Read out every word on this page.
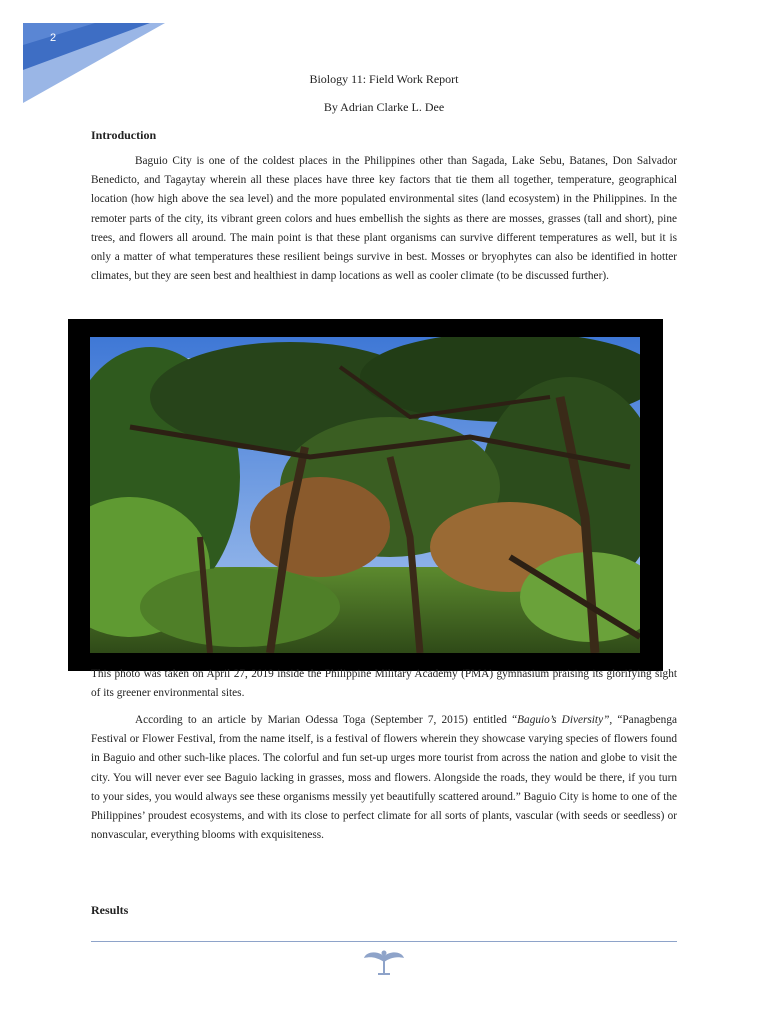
2
Biology 11: Field Work Report
By Adrian Clarke L. Dee
Introduction

Baguio City is one of the coldest places in the Philippines other than Sagada, Lake Sebu, Batanes, Don Salvador Benedicto, and Tagaytay wherein all these places have three key factors that tie them all together, temperature, geographical location (how high above the sea level) and the more populated environmental sites (land ecosystem) in the Philippines. In the remoter parts of the city, its vibrant green colors and hues embellish the sights as there are mosses, grasses (tall and short), pine trees, and flowers all around. The main point is that these plant organisms can survive different temperatures as well, but it is only a matter of what temperatures these resilient beings survive in best. Mosses or bryophytes can also be identified in hotter climates, but they are seen best and healthiest in damp locations as well as cooler climate (to be discussed further).

This photo was taken on April 27, 2019 inside the Philippine Military Academy (PMA) gymnasium praising its glorifying sight of its greener environmental sites.

According to an article by Marian Odessa Toga (September 7, 2015) entitled “Baguio’s Diversity”, “Panagbenga Festival or Flower Festival, from the name itself, is a festival of flowers wherein they showcase varying species of flowers found in Baguio and other such-like places. The colorful and fun set-up urges more tourist from across the nation and globe to visit the city. You will never ever see Baguio lacking in grasses, moss and flowers. Alongside the roads, they would be there, if you turn to your sides, you would always see these organisms messily yet beautifully scattered around.” Baguio City is home to one of the Philippines’ proudest ecosystems, and with its close to perfect climate for all sorts of plants, vascular (with seeds or seedless) or nonvascular, everything blooms with exquisiteness.

Results
